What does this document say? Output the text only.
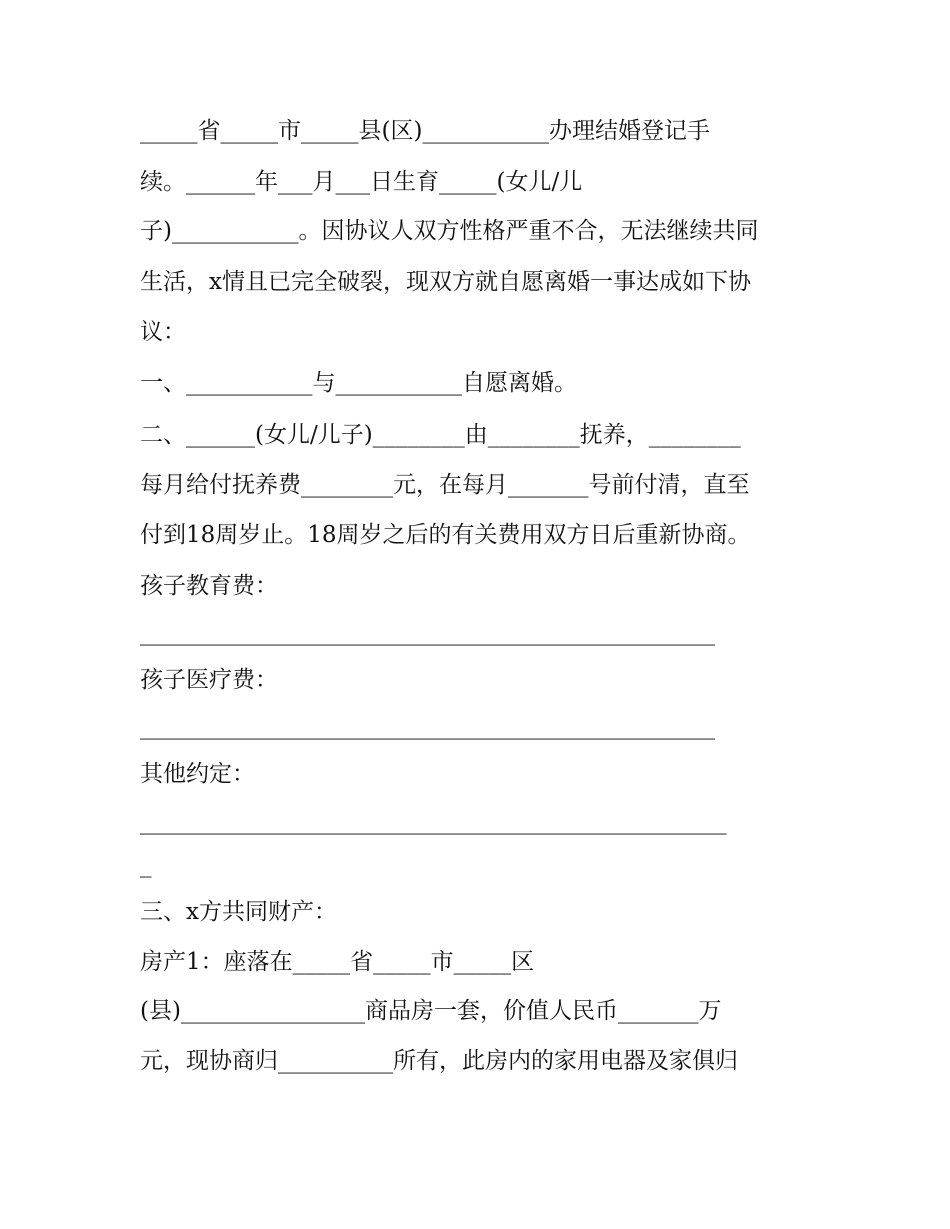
_____省_____市_____县(区)___________办理结婚登记手
续。______年___月___日生育_____(女儿/儿
子)___________。因协议人双方性格严重不合，无法继续共同
生活，x情且已完全破裂，现双方就自愿离婚一事达成如下协
议：
一、___________与___________自愿离婚。
二、______(女儿/儿子)________由________抚养，________
每月给付抚养费________元，在每月_______号前付清，直至
付到18周岁止。18周岁之后的有关费用双方日后重新协商。
孩子教育费：
__________________________________________________
孩子医疗费：
__________________________________________________
其他约定：
___________________________________________________
_
三、x方共同财产：
房产1：座落在_____省_____市_____区
(县)________________商品房一套，价值人民币_______万
元，现协商归__________所有，此房内的家用电器及家俱归
